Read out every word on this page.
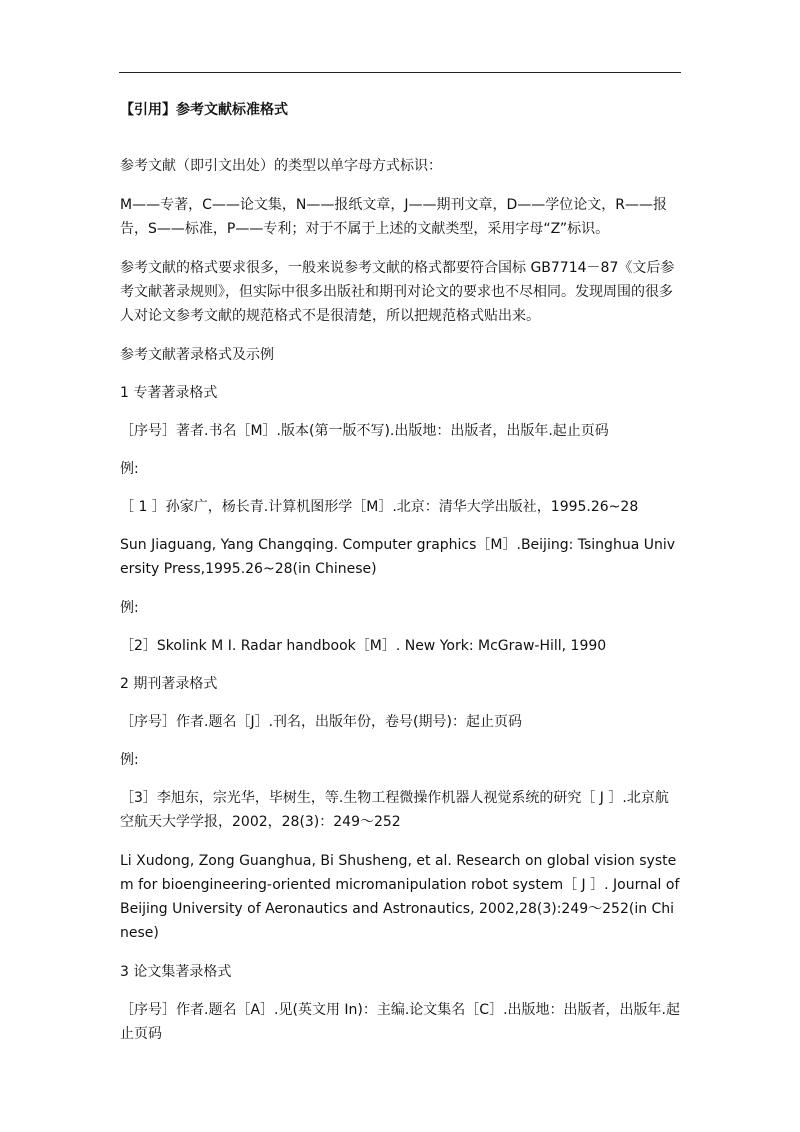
【引用】参考文献标准格式
参考文献（即引文出处）的类型以单字母方式标识：
M——专著，C——论文集，N——报纸文章，J——期刊文章，D——学位论文，R——报告，S——标准，P——专利；对于不属于上述的文献类型，采用字母“Z”标识。
参考文献的格式要求很多，一般来说参考文献的格式都要符合国标 GB7714－87《文后参考文献著录规则》，但实际中很多出版社和期刊对论文的要求也不尽相同。发现周围的很多人对论文参考文献的规范格式不是很清楚，所以把规范格式贴出来。
参考文献著录格式及示例
1 专著著录格式
［序号］著者.书名［M］.版本(第一版不写).出版地：出版者，出版年.起止页码
例:
［ 1 ］孙家广，杨长青.计算机图形学［M］.北京：清华大学出版社，1995.26~28
Sun Jiaguang, Yang Changqing. Computer graphics［M］.Beijing: Tsinghua University Press,1995.26~28(in Chinese)
例:
［2］Skolink M I. Radar handbook［M］. New York: McGraw-Hill, 1990
2 期刊著录格式
［序号］作者.题名［J］.刊名，出版年份，卷号(期号)：起止页码
例:
［3］李旭东，宗光华，毕树生，等.生物工程微操作机器人视觉系统的研究［ J ］.北京航空航天大学学报，2002，28(3)：249～252
Li Xudong, Zong Guanghua, Bi Shusheng, et al. Research on global vision system for bioengineering-oriented micromanipulation robot system［ J ］. Journal of Beijing University of Aeronautics and Astronautics, 2002,28(3):249～252(in Chinese)
3 论文集著录格式
［序号］作者.题名［A］.见(英文用 In)：主编.论文集名［C］.出版地：出版者，出版年.起止页码
